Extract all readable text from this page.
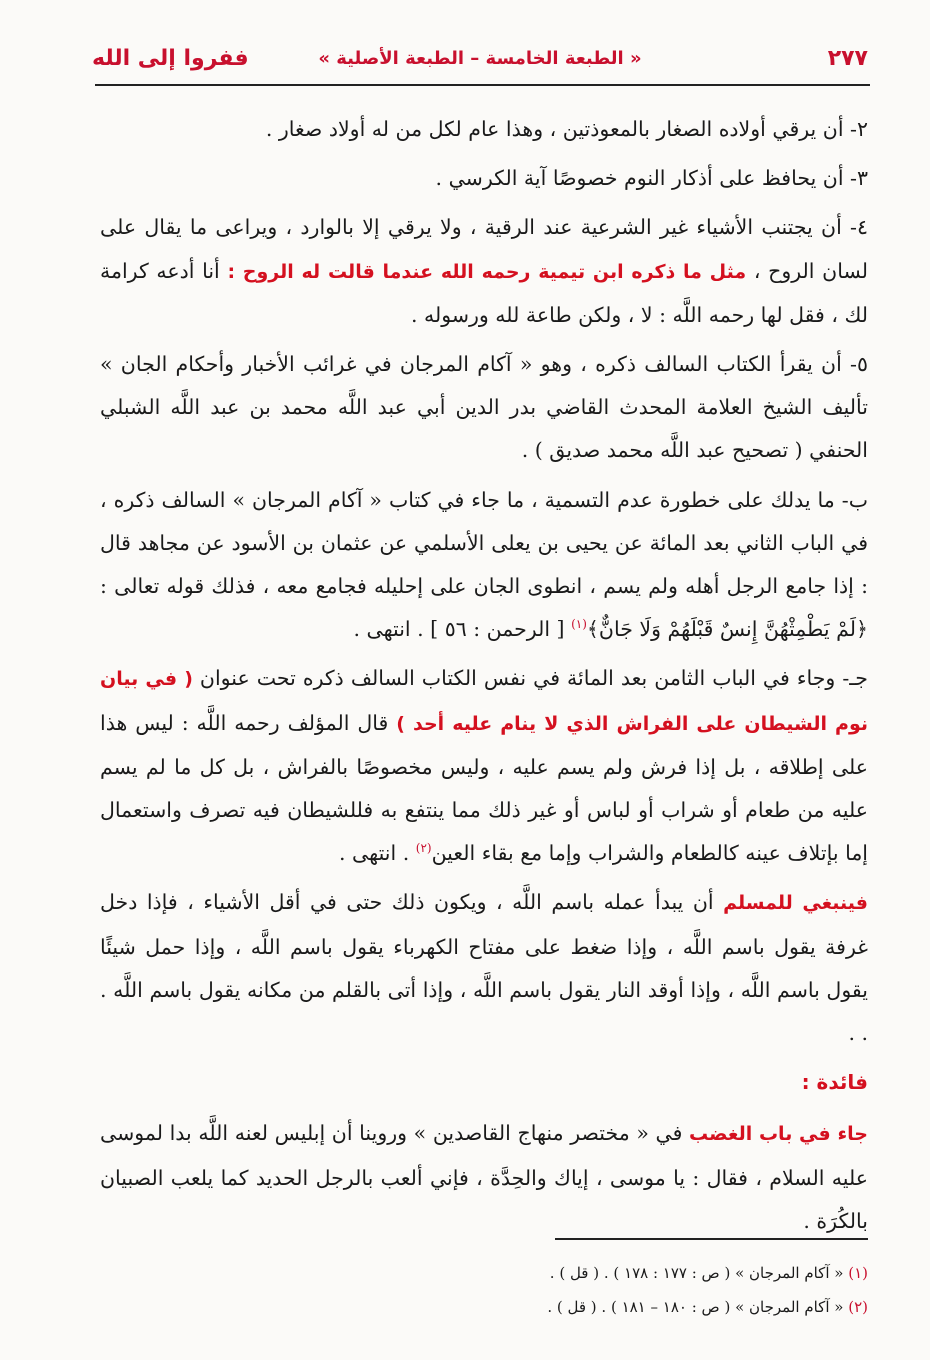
ففروا إلى الله	« الطبعة الخامسة – الطبعة الأصلية »	٢٧٧

٢- أن يرقي أولاده الصغار بالمعوذتين ، وهذا عام لكل من له أولاد صغار .

٣- أن يحافظ على أذكار النوم خصوصًا آية الكرسي .

٤- أن يجتنب الأشياء غير الشرعية عند الرقية ، ولا يرقي إلا بالوارد ، ويراعى ما يقال على لسان الروح ، مثل ما ذكره ابن تيمية رحمه الله عندما قالت له الروح : أنا أدعه كرامة لك ، فقل لها رحمه اللَّه : لا ، ولكن طاعة لله ورسوله .

٥- أن يقرأ الكتاب السالف ذكره ، وهو « آكام المرجان في غرائب الأخبار وأحكام الجان » تأليف الشيخ العلامة المحدث القاضي بدر الدين أبي عبد اللَّه محمد بن عبد اللَّه الشبلي الحنفي ( تصحيح عبد اللَّه محمد صديق ) .

ب- ما يدلك على خطورة عدم التسمية ، ما جاء في كتاب « آكام المرجان » السالف ذكره ، في الباب الثاني بعد المائة عن يحيى بن يعلى الأسلمي عن عثمان بن الأسود عن مجاهد قال : إذا جامع الرجل أهله ولم يسم ، انطوى الجان على إحليله فجامع معه ، فذلك قوله تعالى : ﴿لَمْ يَطْمِثْهُنَّ إِنسٌ قَبْلَهُمْ وَلَا جَانٌّ﴾$^{(١)}$ [ الرحمن : ٥٦ ] . انتهى .

جـ- وجاء في الباب الثامن بعد المائة في نفس الكتاب السالف ذكره تحت عنوان ( في بيان نوم الشيطان على الفراش الذي لا ينام عليه أحد ) قال المؤلف رحمه اللَّه : ليس هذا على إطلاقه ، بل إذا فرش ولم يسم عليه ، وليس مخصوصًا بالفراش ، بل كل ما لم يسم عليه من طعام أو شراب أو لباس أو غير ذلك مما ينتفع به فللشيطان فيه تصرف واستعمال إما بإتلاف عينه كالطعام والشراب وإما مع بقاء العين$^{(٢)}$ . انتهى .

فينبغي للمسلم أن يبدأ عمله باسم اللَّه ، ويكون ذلك حتى في أقل الأشياء ، فإذا دخل غرفة يقول باسم اللَّه ، وإذا ضغط على مفتاح الكهرباء يقول باسم اللَّه ، وإذا حمل شيئًا يقول باسم اللَّه ، وإذا أوقد النار يقول باسم اللَّه ، وإذا أتى بالقلم من مكانه يقول باسم اللَّه . . .

فائدة :

جاء في باب الغضب في « مختصر منهاج القاصدين » وروينا أن إبليس لعنه اللَّه بدا لموسى عليه السلام ، فقال : يا موسى ، إياك والحِدَّة ، فإني ألعب بالرجل الحديد كما يلعب الصبيان بالكُرَة .

(١) « آكام المرجان » ( ص : ١٧٧ : ١٧٨ ) . ( قل ) .
(٢) « آكام المرجان » ( ص : ١٨٠ – ١٨١ ) . ( قل ) .
